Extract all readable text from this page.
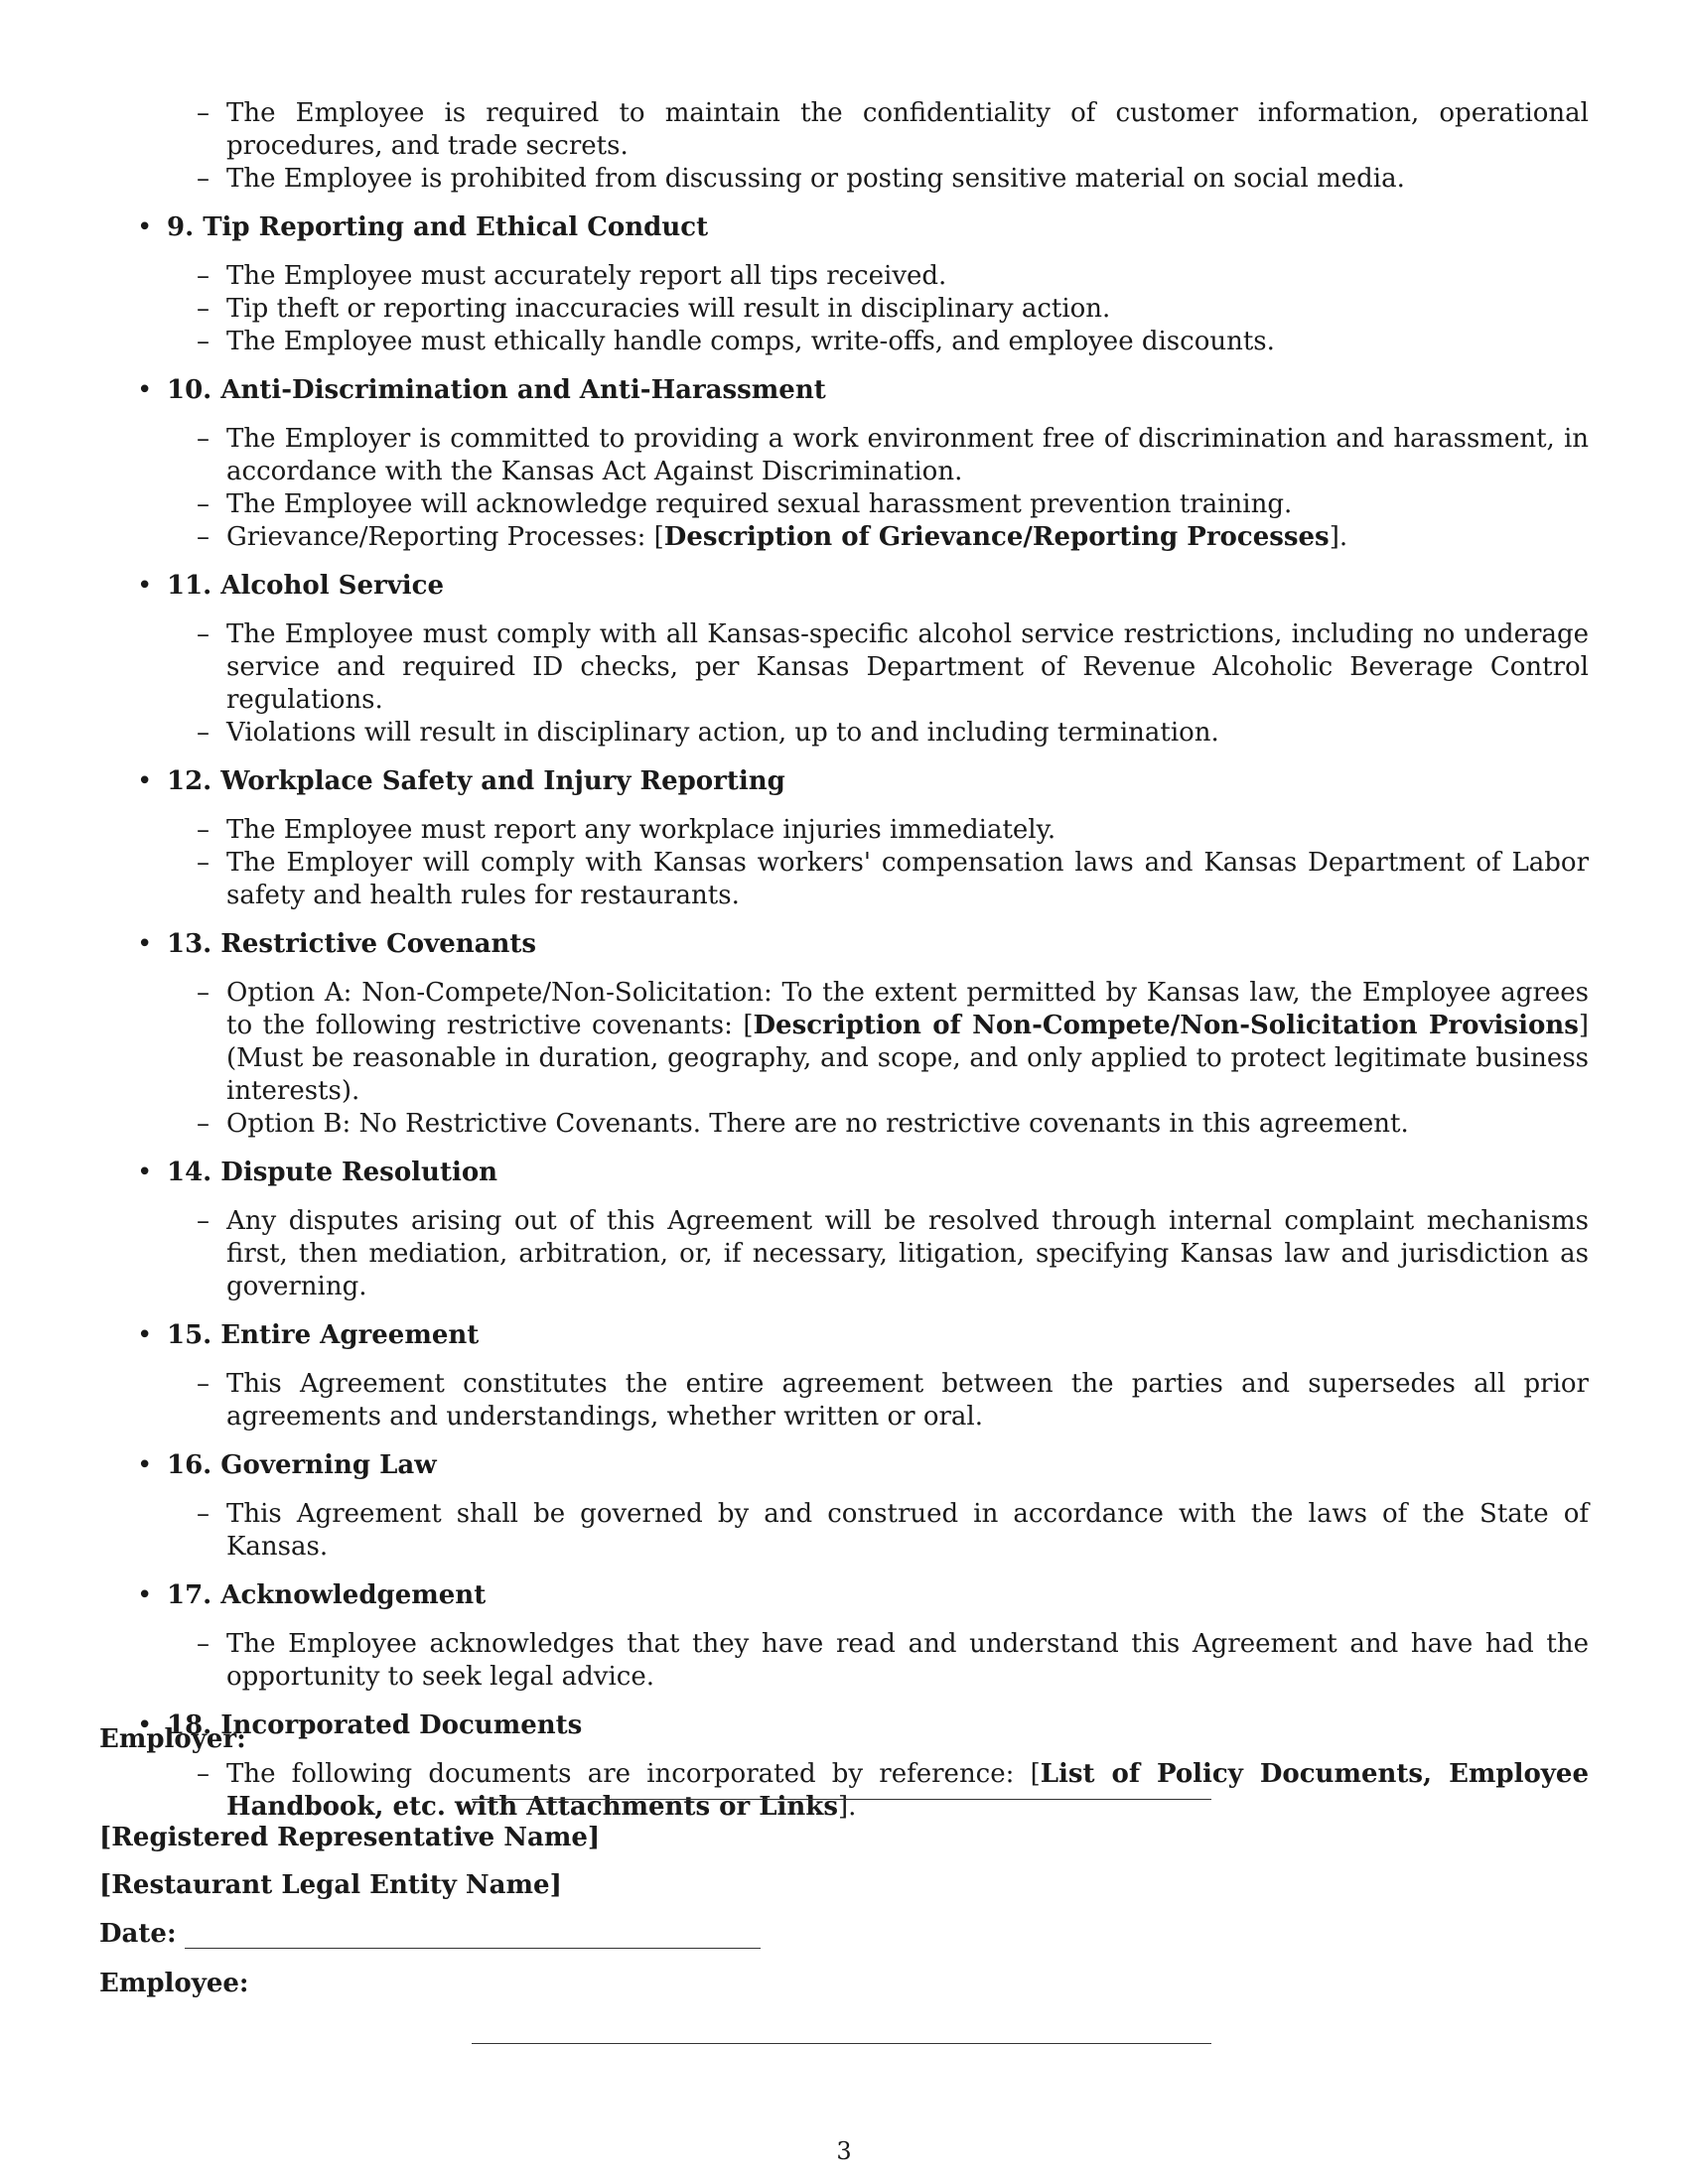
– The Employee is required to maintain the confidentiality of customer information, operational procedures, and trade secrets.
– The Employee is prohibited from discussing or posting sensitive material on social media.
• 9. Tip Reporting and Ethical Conduct
– The Employee must accurately report all tips received.
– Tip theft or reporting inaccuracies will result in disciplinary action.
– The Employee must ethically handle comps, write-offs, and employee discounts.
• 10. Anti-Discrimination and Anti-Harassment
– The Employer is committed to providing a work environment free of discrimination and harassment, in accordance with the Kansas Act Against Discrimination.
– The Employee will acknowledge required sexual harassment prevention training.
– Grievance/Reporting Processes: [Description of Grievance/Reporting Processes].
• 11. Alcohol Service
– The Employee must comply with all Kansas-specific alcohol service restrictions, including no underage service and required ID checks, per Kansas Department of Revenue Alcoholic Beverage Control regulations.
– Violations will result in disciplinary action, up to and including termination.
• 12. Workplace Safety and Injury Reporting
– The Employee must report any workplace injuries immediately.
– The Employer will comply with Kansas workers' compensation laws and Kansas Department of Labor safety and health rules for restaurants.
• 13. Restrictive Covenants
– Option A: Non-Compete/Non-Solicitation: To the extent permitted by Kansas law, the Employee agrees to the following restrictive covenants: [Description of Non-Compete/Non-Solicitation Provisions] (Must be reasonable in duration, geography, and scope, and only applied to protect legitimate business interests).
– Option B: No Restrictive Covenants. There are no restrictive covenants in this agreement.
• 14. Dispute Resolution
– Any disputes arising out of this Agreement will be resolved through internal complaint mechanisms first, then mediation, arbitration, or, if necessary, litigation, specifying Kansas law and jurisdiction as governing.
• 15. Entire Agreement
– This Agreement constitutes the entire agreement between the parties and supersedes all prior agreements and understandings, whether written or oral.
• 16. Governing Law
– This Agreement shall be governed by and construed in accordance with the laws of the State of Kansas.
• 17. Acknowledgement
– The Employee acknowledges that they have read and understand this Agreement and have had the opportunity to seek legal advice.
• 18. Incorporated Documents
– The following documents are incorporated by reference: [List of Policy Documents, Employee Handbook, etc. with Attachments or Links].
Employer:
[Registered Representative Name]
[Restaurant Legal Entity Name]
Date:
Employee:
3
